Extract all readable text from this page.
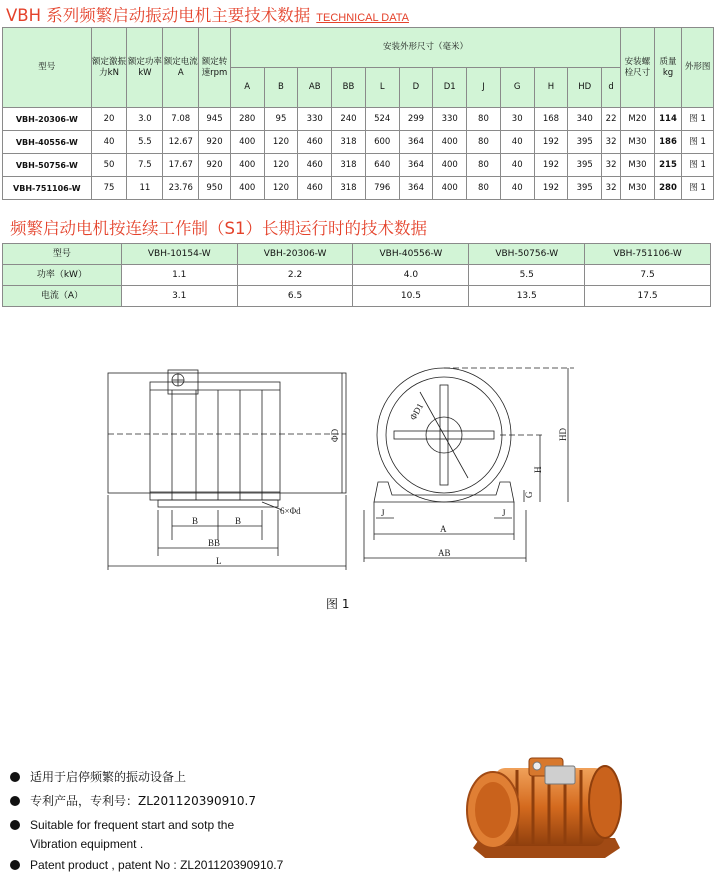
VBH 系列频繁启动振动电机主要技术数据 TECHNICAL DATA
型号	额定激振力kN	额定功率kW	额定电流A	额定转速rpm	安装外形尺寸（毫米）												安装螺栓尺寸	质量kg	外形图
					A	B	AB	BB	L	D	D1	J	G	H	HD	d			
VBH-20306-W	20	3.0	7.08	945	280	95	330	240	524	299	330	80	30	168	340	22	M20	114	图 1
VBH-40556-W	40	5.5	12.67	920	400	120	460	318	600	364	400	80	40	192	395	32	M30	186	图 1
VBH-50756-W	50	7.5	17.67	920	400	120	460	318	640	364	400	80	40	192	395	32	M30	215	图 1
VBH-751106-W	75	11	23.76	950	400	120	460	318	796	364	400	80	40	192	395	32	M30	280	图 1
频繁启动电机按连续工作制（S1）长期运行时的技术数据
型号	VBH-10154-W	VBH-20306-W	VBH-40556-W	VBH-50756-W	VBH-751106-W
功率（kW）	1.1	2.2	4.0	5.5	7.5
电流（A）	3.1	6.5	10.5	13.5	17.5
B	B
BB
L
6×Φd
ΦD
ΦD1
HD
H
G
J	J
A
AB
图 1
适用于启停频繁的振动设备上
专利产品，专利号：ZL201120390910.7
Suitable for frequent start and sotp the
Vibration equipment .
Patent product , patent No : ZL201120390910.7
